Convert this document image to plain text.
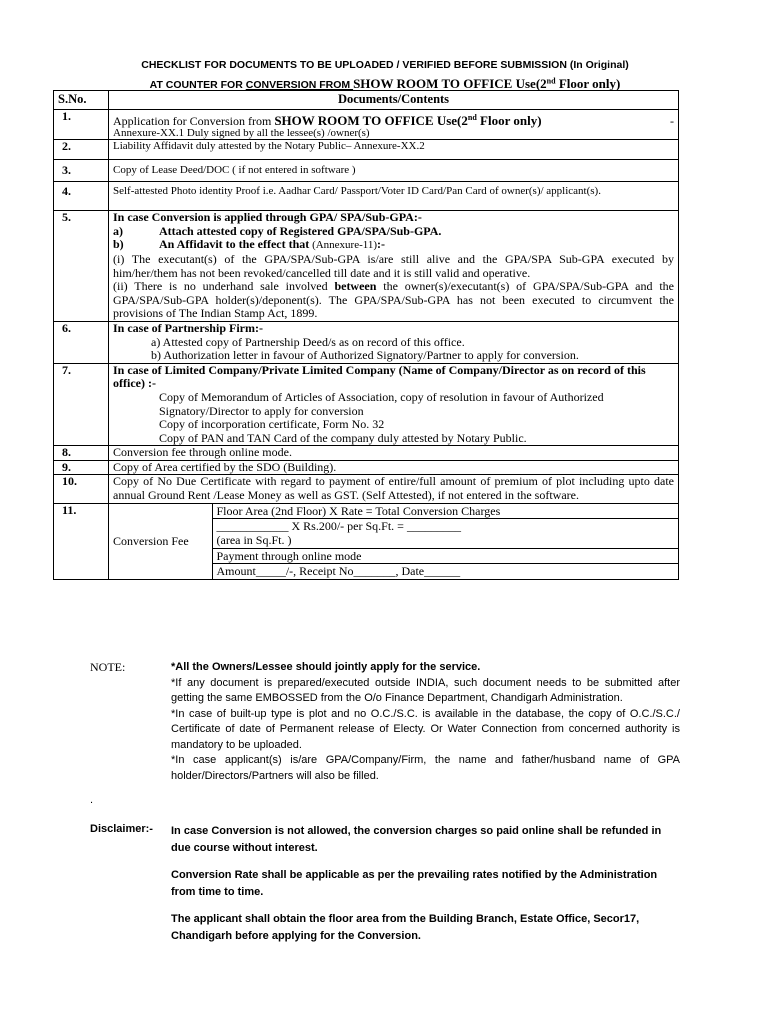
CHECKLIST FOR DOCUMENTS TO BE UPLOADED / VERIFIED BEFORE SUBMISSION (In Original)
AT COUNTER FOR CONVERSION FROM SHOW ROOM TO OFFICE Use(2nd Floor only)
S.No.	Documents/Contents
1.	Application for Conversion from SHOW ROOM TO OFFICE Use(2nd Floor only)	-
Annexure-XX.1 Duly signed by all the lessee(s) /owner(s)

2.	Liability Affidavit duly attested by the Notary Public– Annexure-XX.2
3.	Copy of Lease Deed/DOC ( if not entered in software )
4.	Self-attested Photo identity Proof i.e. Aadhar Card/ Passport/Voter ID Card/Pan Card of owner(s)/ applicant(s).
5.	In case Conversion is applied through GPA/ SPA/Sub-GPA:-
a)	Attach attested copy of Registered GPA/SPA/Sub-GPA.
b)	An Affidavit to the effect that (Annexure-11):-
(i) The executant(s) of the GPA/SPA/Sub-GPA is/are still alive and the GPA/SPA Sub-GPA executed by him/her/them has not been revoked/cancelled till date and it is still valid and operative.
(ii) There is no underhand sale involved between the owner(s)/executant(s) of GPA/SPA/Sub-GPA and the GPA/SPA/Sub-GPA holder(s)/deponent(s). The GPA/SPA/Sub-GPA has not been executed to circumvent the provisions of The Indian Stamp Act, 1899.

6.	In case of Partnership Firm:-
a) Attested copy of Partnership Deed/s as on record of this office.
b) Authorization letter in favour of Authorized Signatory/Partner to apply for conversion.

7.	In case of Limited Company/Private Limited Company (Name of Company/Director as on record of this office) :-
Copy of Memorandum of Articles of Association, copy of resolution in favour of Authorized Signatory/Director to apply for conversion
Copy of incorporation certificate, Form No. 32
Copy of PAN and TAN Card of the company duly attested by Notary Public.

8.	Conversion fee through online mode.
9.	Copy of Area certified by the SDO (Building).
10.	Copy of No Due Certificate with regard to payment of entire/full amount of premium of plot including upto date annual Ground Rent /Lease Money as well as GST. (Self Attested), if not entered in the software.
11.	
Conversion Fee	Floor Area (2nd Floor) X Rate = Total Conversion Charges
____________ X Rs.200/- per Sq.Ft. = _________
(area in Sq.Ft. )
Payment through online mode
Amount_____/-, Receipt No_______, Date______
NOTE:	*All the Owners/Lessee should jointly apply for the service.

*If any document is prepared/executed outside INDIA, such document needs to be submitted after getting the same EMBOSSED from the O/o Finance Department, Chandigarh Administration.

*In case of built-up type is plot and no O.C./S.C. is available in the database, the copy of O.C./S.C./ Certificate of date of Permanent release of Electy. Or Water Connection from concerned authority is mandatory to be uploaded.

*In case applicant(s) is/are GPA/Company/Firm, the name and father/husband name of GPA holder/Directors/Partners will also be filled.

.
Disclaimer:- In case Conversion is not allowed, the conversion charges so paid online shall be refunded in due course without interest.

Conversion Rate shall be applicable as per the prevailing rates notified by the Administration from time to time.

The applicant shall obtain the floor area from the Building Branch, Estate Office, Secor17, Chandigarh before applying for the Conversion.
